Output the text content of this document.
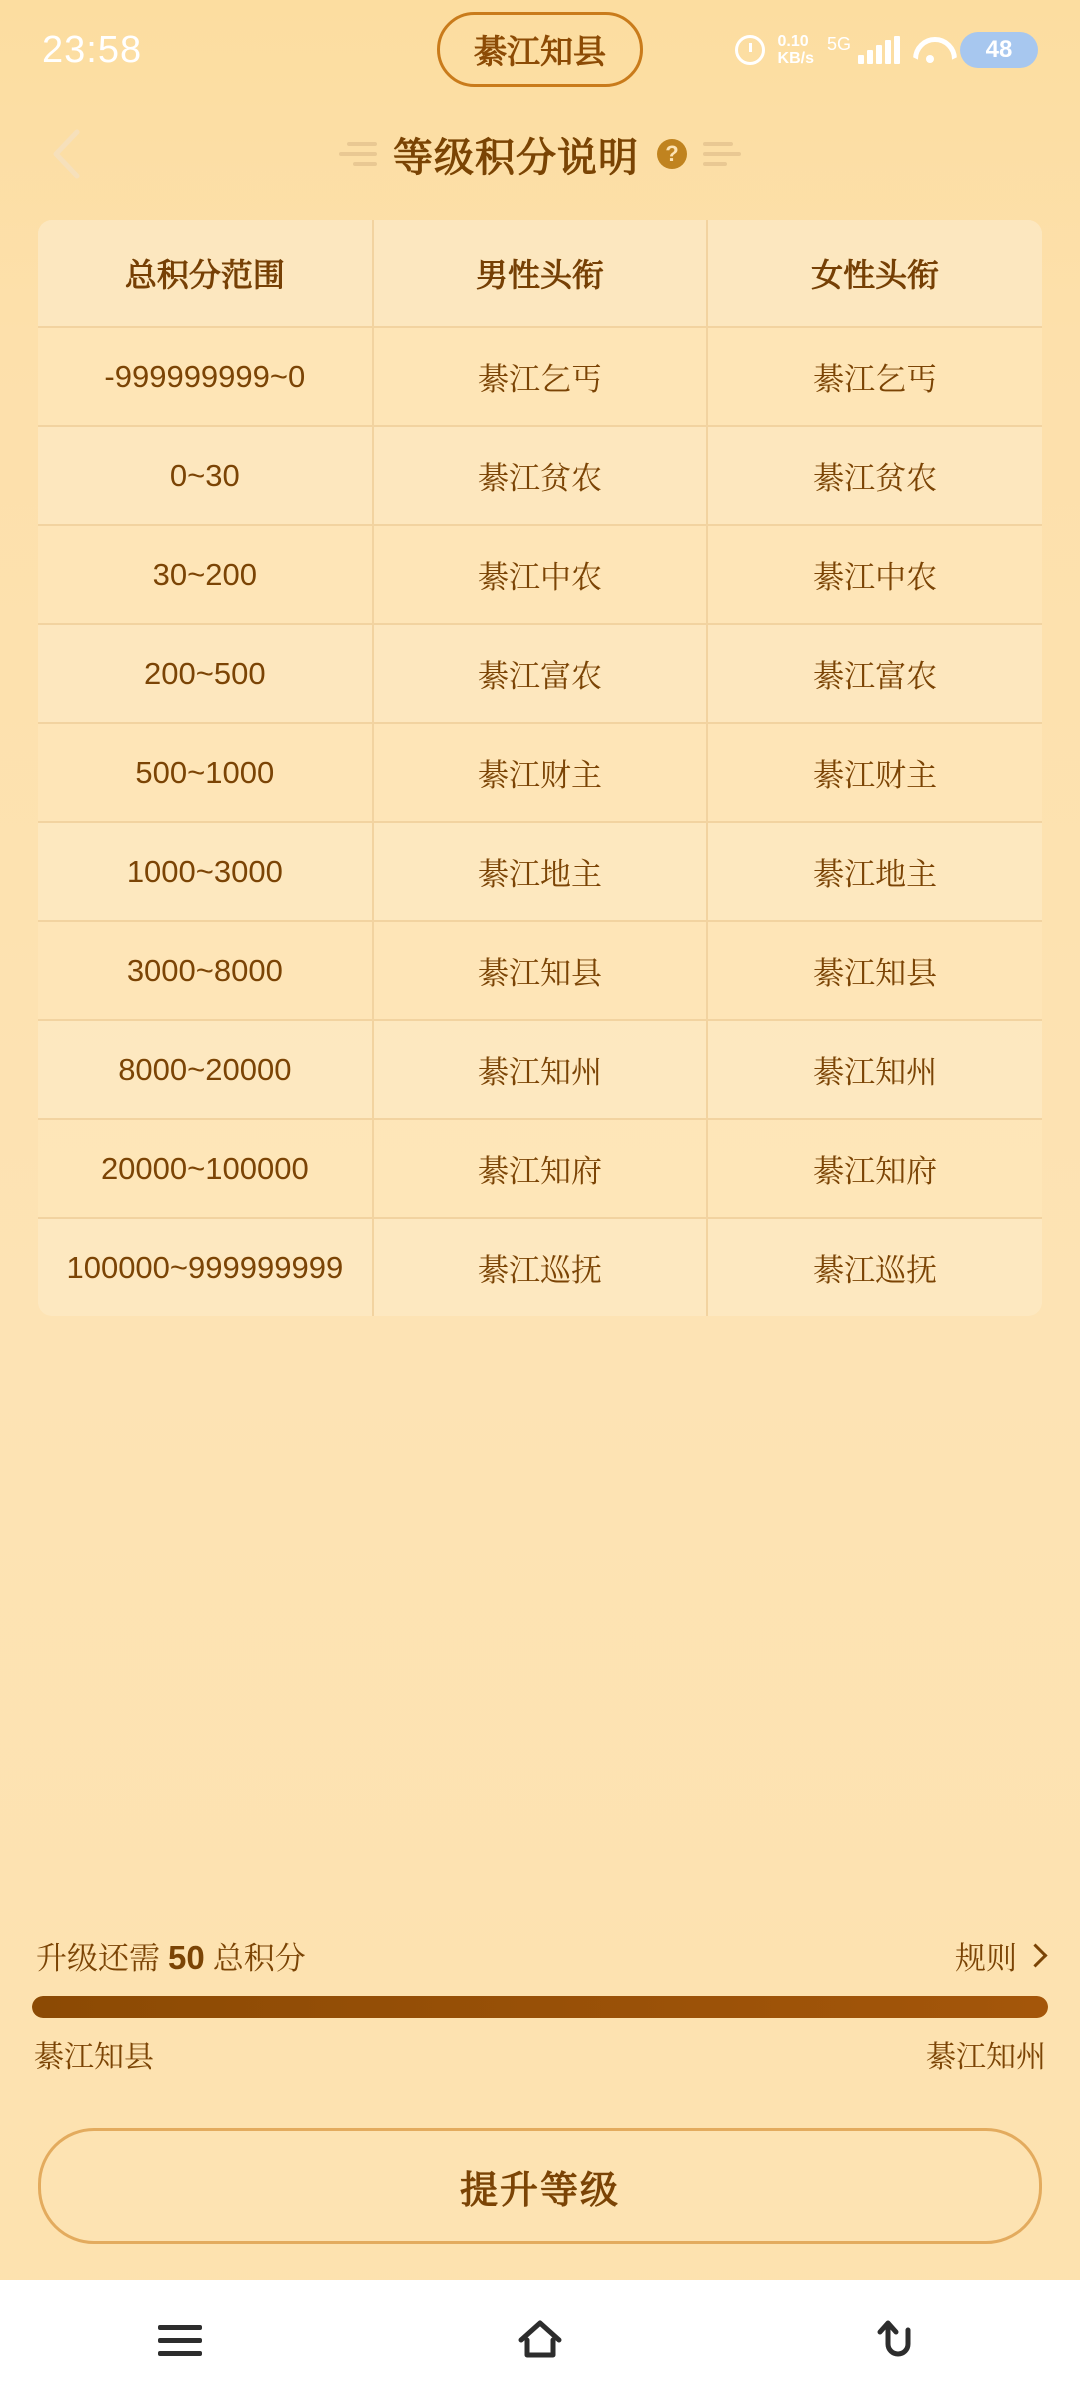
23:58	綦江知县	0.10
KB/s
5G	48
等级积分说明	?
总积分范围	男性头衔	女性头衔
-999999999~0	綦江乞丐	綦江乞丐
0~30	綦江贫农	綦江贫农
30~200	綦江中农	綦江中农
200~500	綦江富农	綦江富农
500~1000	綦江财主	綦江财主
1000~3000	綦江地主	綦江地主
3000~8000	綦江知县	綦江知县
8000~20000	綦江知州	綦江知州
20000~100000	綦江知府	綦江知府
100000~999999999	綦江巡抚	綦江巡抚
升级还需 50 总积分	规则
綦江知县	綦江知州
提升等级
